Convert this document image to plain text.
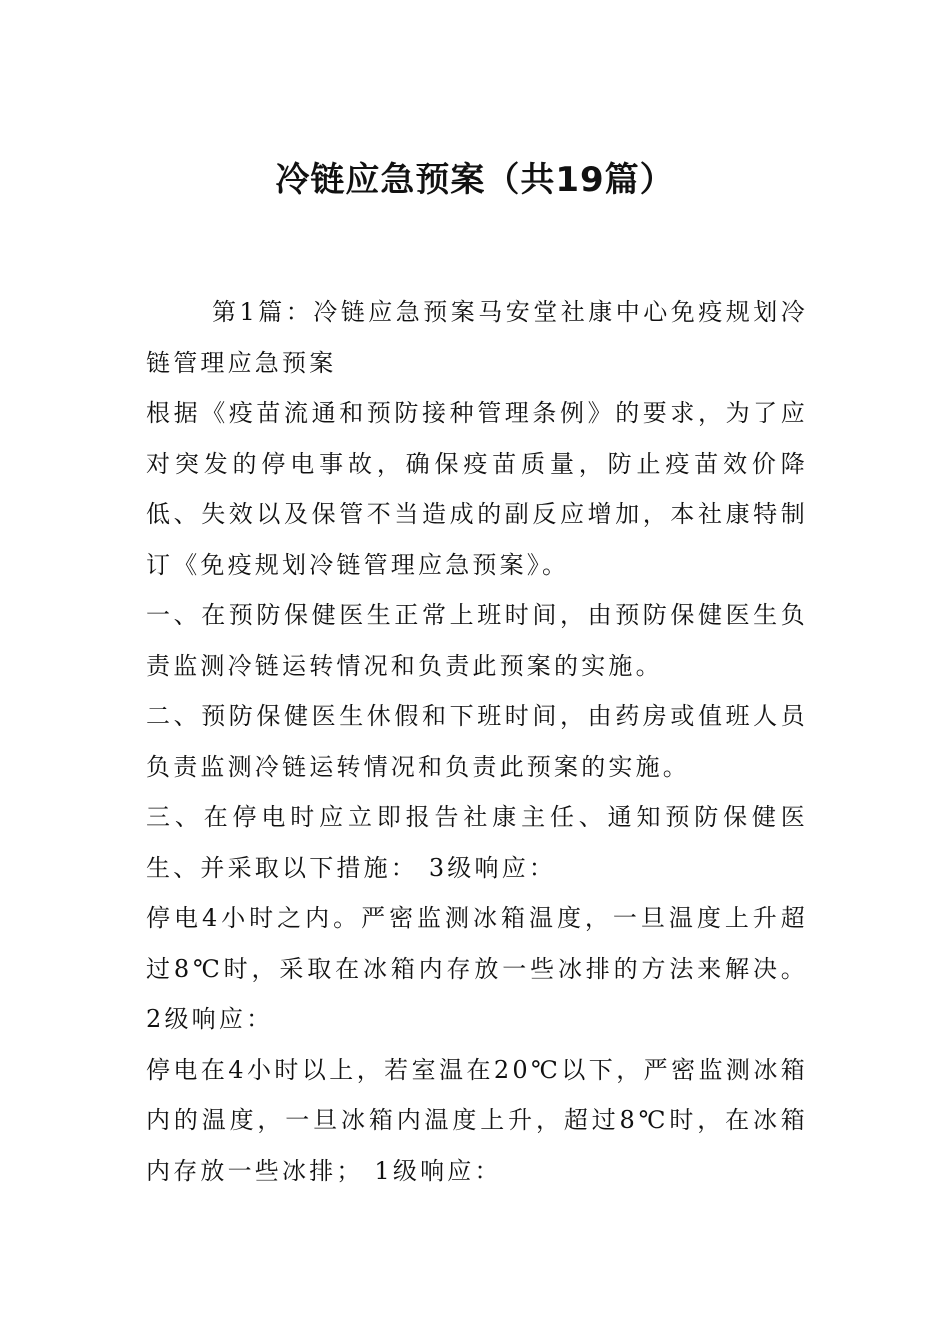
冷链应急预案（共19篇）

第1篇：冷链应急预案马安堂社康中心免疫规划冷链管理应急预案

根据《疫苗流通和预防接种管理条例》的要求，为了应对突发的停电事故，确保疫苗质量，防止疫苗效价降低、失效以及保管不当造成的副反应增加，本社康特制订《免疫规划冷链管理应急预案》。

一、在预防保健医生正常上班时间，由预防保健医生负责监测冷链运转情况和负责此预案的实施。

二、预防保健医生休假和下班时间，由药房或值班人员负责监测冷链运转情况和负责此预案的实施。

三、在停电时应立即报告社康主任、通知预防保健医生、并采取以下措施： 3级响应：

停电4小时之内。严密监测冰箱温度，一旦温度上升超过8℃时，采取在冰箱内存放一些冰排的方法来解决。 2级响应：

停电在4小时以上，若室温在20℃以下，严密监测冰箱内的温度，一旦冰箱内温度上升，超过8℃时，在冰箱内存放一些冰排； 1级响应：
